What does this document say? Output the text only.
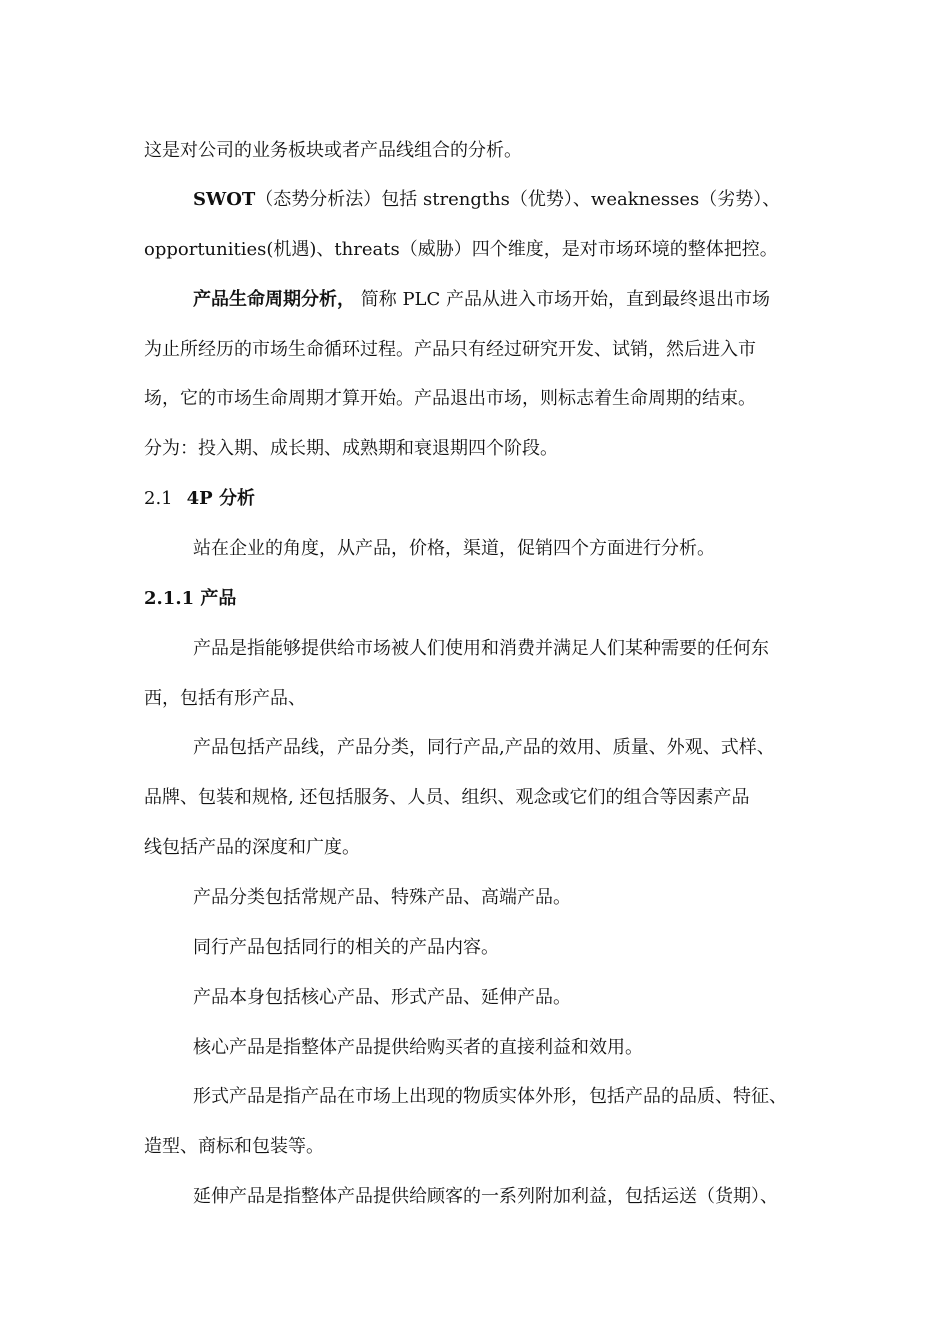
这是对公司的业务板块或者产品线组合的分析。
SWOT（态势分析法）包括 strengths（优势）、weaknesses（劣势）、
opportunities(机遇)、threats（威胁）四个维度，是对市场环境的整体把控。
产品生命周期分析， 简称 PLC 产品从进入市场开始，直到最终退出市场
为止所经历的市场生命循环过程。产品只有经过研究开发、试销，然后进入市
场，它的市场生命周期才算开始。产品退出市场，则标志着生命周期的结束。
分为：投入期、成长期、成熟期和衰退期四个阶段。
2.1 4P 分析
站在企业的角度，从产品，价格，渠道，促销四个方面进行分析。
2.1.1 产品
产品是指能够提供给市场被人们使用和消费并满足人们某种需要的任何东
西，包括有形产品、
产品包括产品线，产品分类，同行产品,产品的效用、质量、外观、式样、
品牌、包装和规格, 还包括服务、人员、组织、观念或它们的组合等因素产品
线包括产品的深度和广度。
产品分类包括常规产品、特殊产品、高端产品。
同行产品包括同行的相关的产品内容。
产品本身包括核心产品、形式产品、延伸产品。
核心产品是指整体产品提供给购买者的直接利益和效用。
形式产品是指产品在市场上出现的物质实体外形，包括产品的品质、特征、
造型、商标和包装等。
延伸产品是指整体产品提供给顾客的一系列附加利益，包括运送（货期）、
